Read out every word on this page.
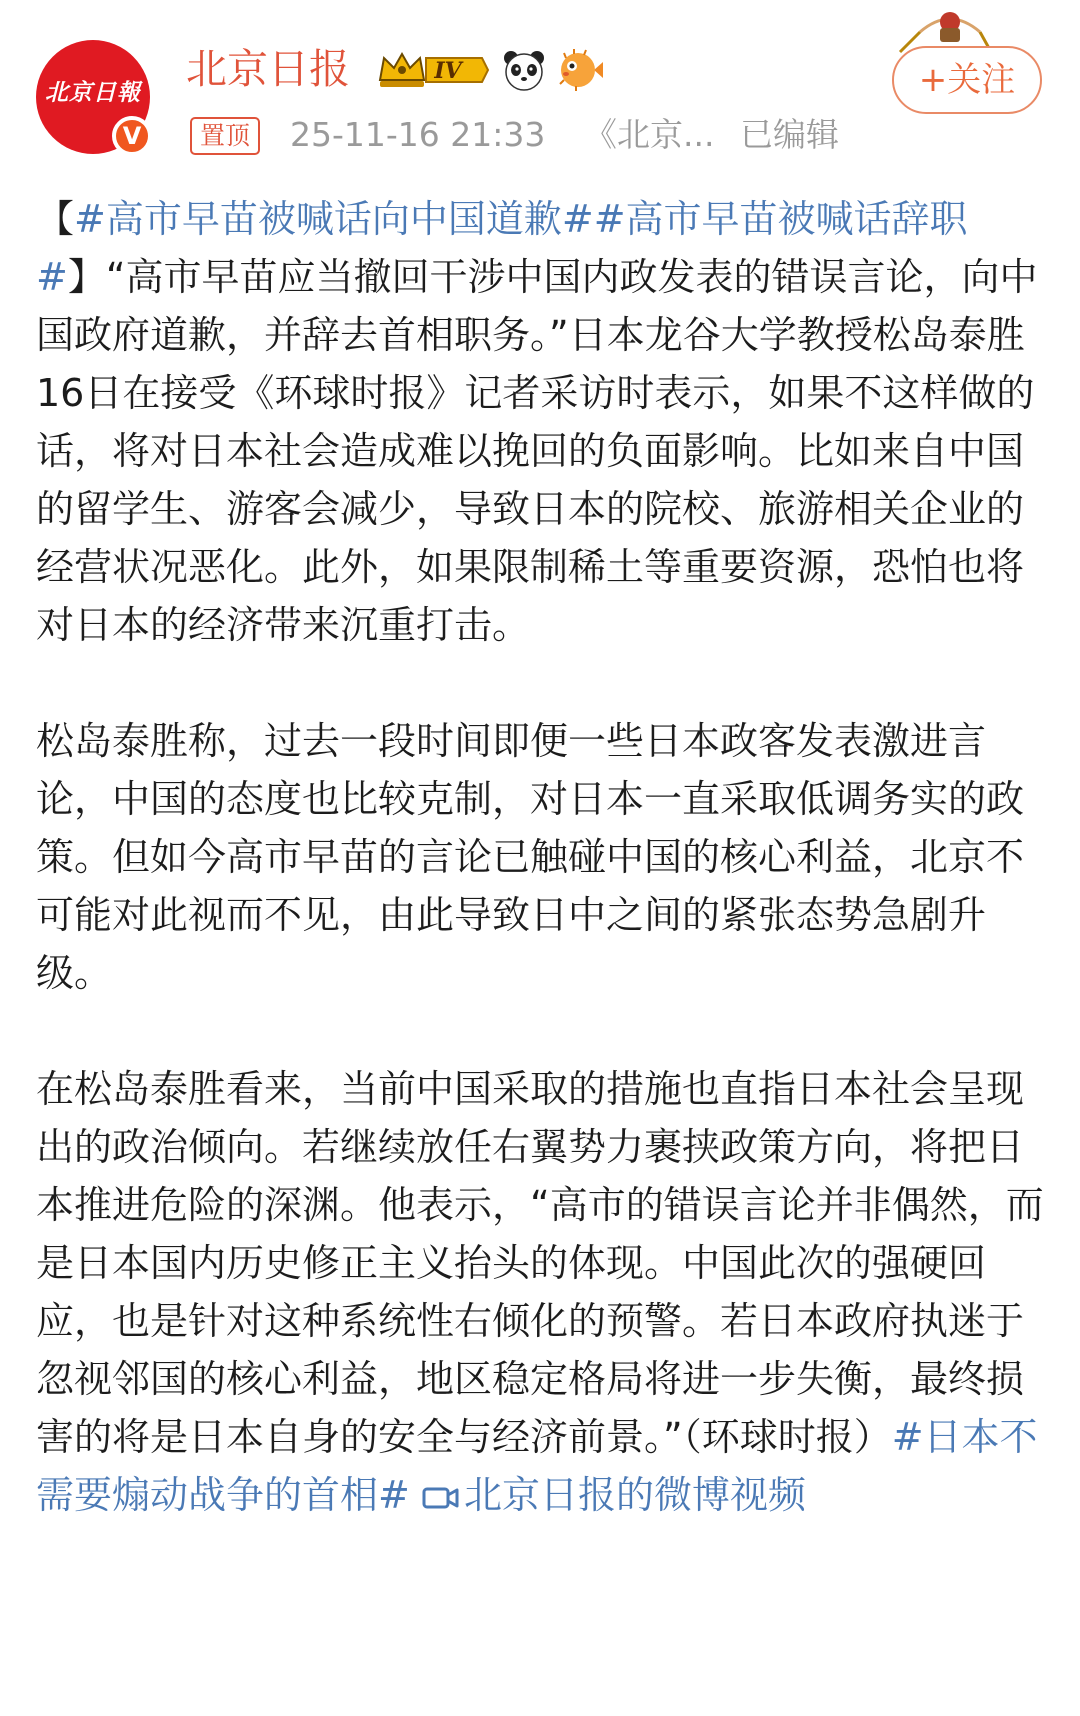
北京日報
V
北京日报	IV
置顶	25-11-16 21:33 《北京... 已编辑
+关注

【#高市早苗被喊话向中国道歉##高市早苗被喊话辞职#】“高市早苗应当撤回干涉中国内政发表的错误言论，向中国政府道歉，并辞去首相职务。”日本龙谷大学教授松岛泰胜16日在接受《环球时报》记者采访时表示，如果不这样做的话，将对日本社会造成难以挽回的负面影响。比如来自中国的留学生、游客会减少，导致日本的院校、旅游相关企业的经营状况恶化。此外，如果限制稀土等重要资源，恐怕也将对日本的经济带来沉重打击。

松岛泰胜称，过去一段时间即便一些日本政客发表激进言论，中国的态度也比较克制，对日本一直采取低调务实的政策。但如今高市早苗的言论已触碰中国的核心利益，北京不可能对此视而不见，由此导致日中之间的紧张态势急剧升级。

在松岛泰胜看来，当前中国采取的措施也直指日本社会呈现出的政治倾向。若继续放任右翼势力裹挟政策方向，将把日本推进危险的深渊。他表示，“高市的错误言论并非偶然，而是日本国内历史修正主义抬头的体现。中国此次的强硬回应，也是针对这种系统性右倾化的预警。若日本政府执迷于忽视邻国的核心利益，地区稳定格局将进一步失衡，最终损害的将是日本自身的安全与经济前景。”（环球时报）#日本不需要煽动战争的首相# 北京日报的微博视频
